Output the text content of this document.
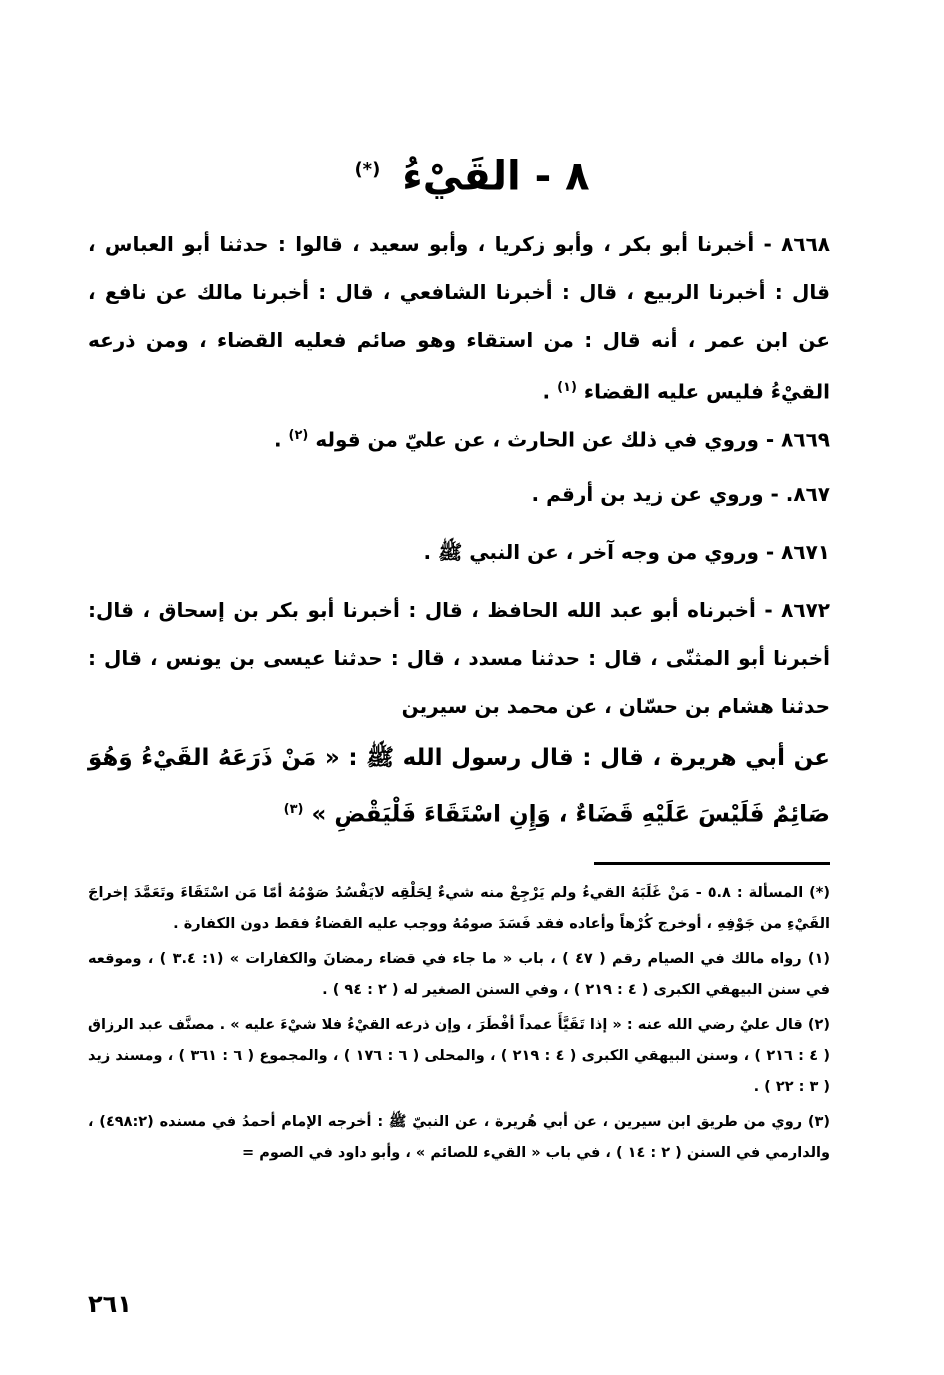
٨ - القَيْءُ (*)

٨٦٦٨ - أخبرنا أبو بكر ، وأبو زكريا ، وأبو سعيد ، قالوا : حدثنا أبو العباس ، قال : أخبرنا الربيع ، قال : أخبرنا الشافعي ، قال : أخبرنا مالك عن نافع ، عن ابن عمر ، أنه قال : من استقاء وهو صائم فعليه القضاء ، ومن ذرعه القيْءُ فليس عليه القضاء $^{(١)}$ .

٨٦٦٩ - وروي في ذلك عن الحارث ، عن عليّ من قوله $^{(٢)}$ .

٨٦٧. - وروي عن زيد بن أرقم .

٨٦٧١ - وروي من وجه آخر ، عن النبي ﷺ .

٨٦٧٢ - أخبرناه أبو عبد الله الحافظ ، قال : أخبرنا أبو بكر بن إسحاق ، قال: أخبرنا أبو المثنّى ، قال : حدثنا مسدد ، قال : حدثنا عيسى بن يونس ، قال : حدثنا هشام بن حسّان ، عن محمد بن سيرين

عن أبي هريرة ، قال : قال رسول الله ﷺ : « مَنْ ذَرَعَهُ القَيْءُ وَهُوَ صَائِمٌ فَلَيْسَ عَلَيْهِ قَضَاءٌ ، وَإِنِ اسْتَقَاءَ فَلْيَقْضِ » $^{(٣)}$

(*) المسألة : ٥.٨ - مَنْ غَلَبَهُ القيءُ ولم يَرْجِعْ منه شيءٌ لِحَلْقِه لايَفْسُدُ صَوْمُهُ أمّا مَن اسْتَقَاءَ وتَعَمَّدَ إخراجَ القَيْءِ من جَوْفِهِ ، أوخرج كُرْهاً وأعاده فقد فَسَدَ صومُهُ ووجب عليه القضاءُ فقط دون الكفارة .

(١) رواه مالك في الصيام رقم ( ٤٧ ) ، باب « ما جاء في قضاء رمضانَ والكفارات » (١: ٣.٤ ) ، وموقعه في سنن البيهقي الكبرى ( ٤ : ٢١٩ ) ، وفي السنن الصغير له ( ٢ : ٩٤ ) .

(٢) قال عليٌ رضي الله عنه : « إذا تَقَيَّأَ عمداً أفْطَرَ ، وإن ذرعه القيْءُ فلا شيْءَ عليه » . مصنَّف عبد الرزاق ( ٤ : ٢١٦ ) ، وسنن البيهقي الكبرى ( ٤ : ٢١٩ ) ، والمحلى ( ٦ : ١٧٦ ) ، والمجموع ( ٦ : ٣٦١ ) ، ومسند زيد ( ٣ : ٢٢ ) .

(٣) روي من طريق ابن سيرين ، عن أبي هُريرة ، عن النبيّ ﷺ : أخرجه الإمام أحمدُ في مسنده (٤٩٨:٢) ، والدارمي في السنن ( ٢ : ١٤ ) ، في باب « القيء للصائم » ، وأبو داود في الصوم =

٢٦١
